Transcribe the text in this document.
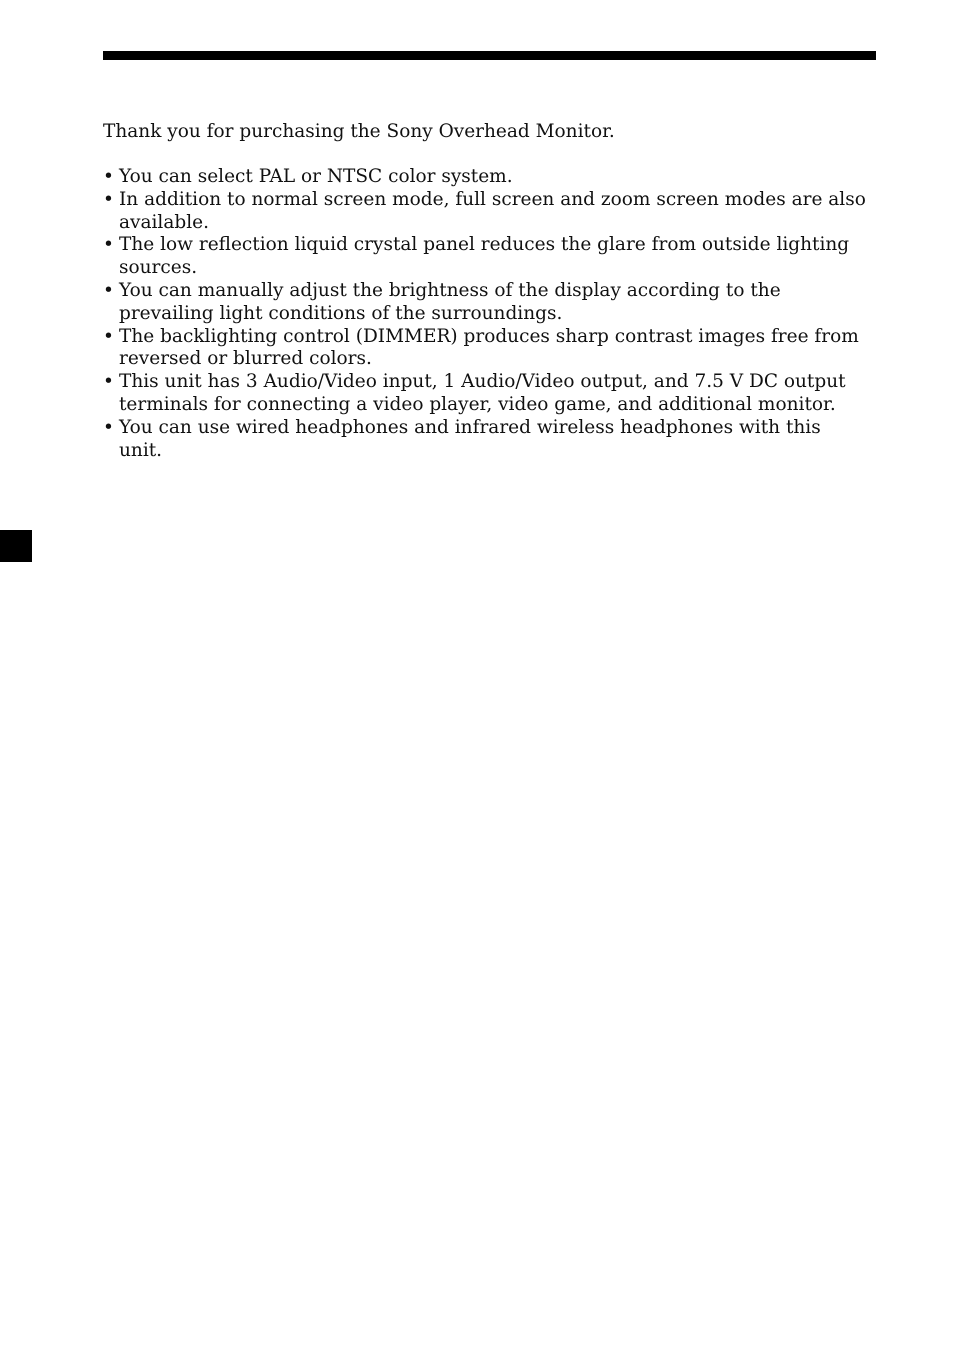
Thank you for purchasing the Sony Overhead Monitor.

• You can select PAL or NTSC color system.
• In addition to normal screen mode, full screen and zoom screen modes are also available.
• The low reflection liquid crystal panel reduces the glare from outside lighting sources.
• You can manually adjust the brightness of the display according to the prevailing light conditions of the surroundings.
• The backlighting control (DIMMER) produces sharp contrast images free from reversed or blurred colors.
• This unit has 3 Audio/Video input, 1 Audio/Video output, and 7.5 V DC output terminals for connecting a video player, video game, and additional monitor.
• You can use wired headphones and infrared wireless headphones with this unit.
